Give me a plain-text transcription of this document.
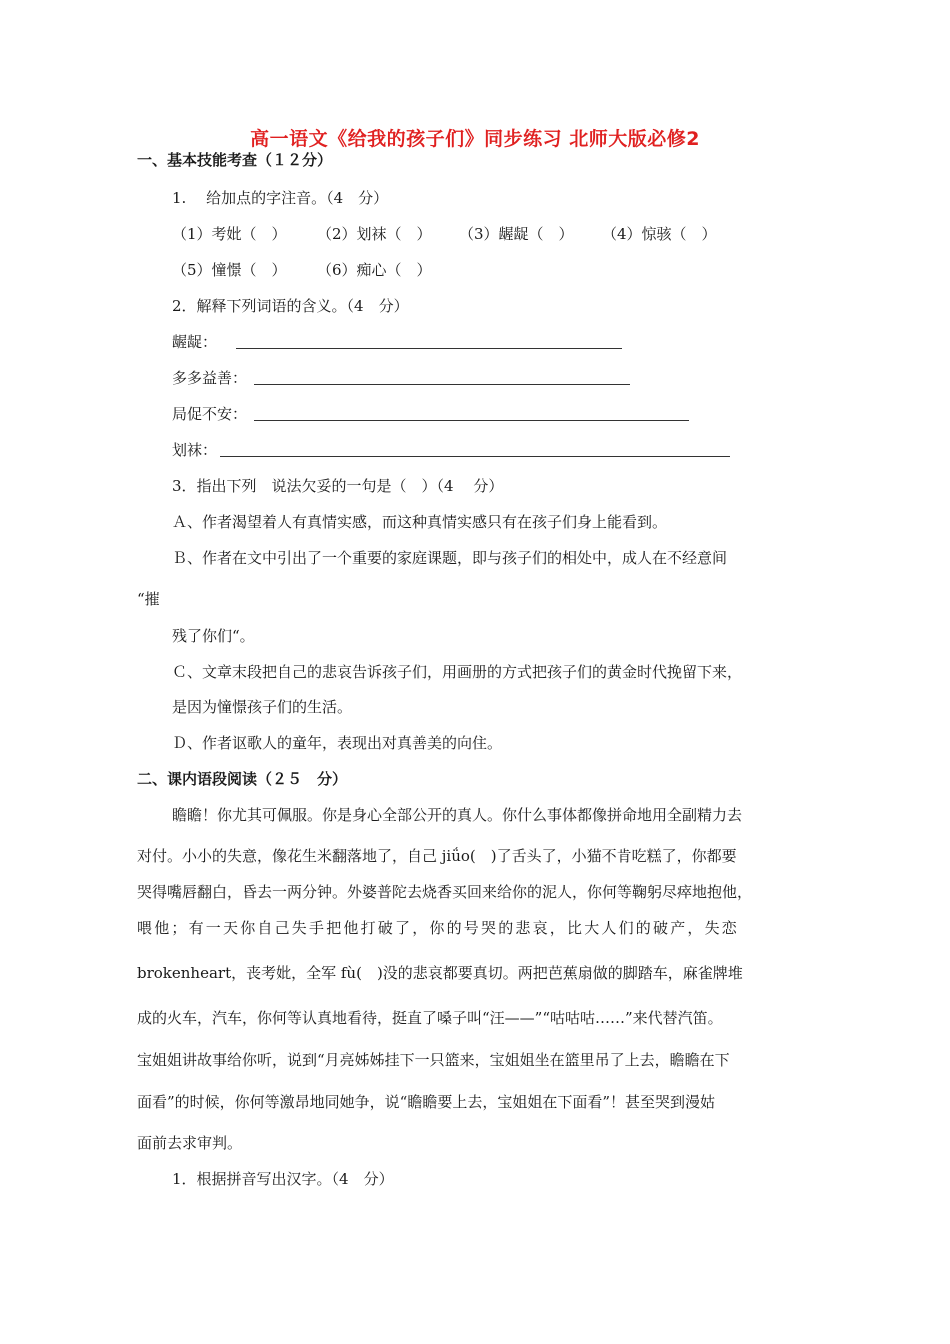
高一语文《给我的孩子们》同步练习 北师大版必修2
一、基本技能考查（１２分）
1.　 给加点的字注音。（4　分）
（1）考妣（　） （2）划袜（　） （3）龌龊（　） （4）惊骇（　）
（5）憧憬（　） （6）痴心（　）
2．解释下列词语的含义。（4　分）
龌龊：
多多益善：
局促不安：
划袜：
3．指出下列　说法欠妥的一句是（　）（4　 分）
Ａ、作者渴望着人有真情实感，而这种真情实感只有在孩子们身上能看到。
Ｂ、作者在文中引出了一个重要的家庭课题，即与孩子们的相处中，成人在不经意间
“摧
残了你们“。
Ｃ、文章末段把自己的悲哀告诉孩子们，用画册的方式把孩子们的黄金时代挽留下来，
是因为憧憬孩子们的生活。
Ｄ、作者讴歌人的童年，表现出对真善美的向住。
二、课内语段阅读（２５　分）
瞻瞻！你尤其可佩服。你是身心全部公开的真人。你什么事体都像拼命地用全副精力去
对付。小小的失意，像花生米翻落地了，自己 jiǘo(　)了舌头了，小猫不肯吃糕了，你都要
哭得嘴唇翻白，昏去一两分钟。外婆普陀去烧香买回来给你的泥人，你何等鞠躬尽瘁地抱他，
喂他；有一天你自己失手把他打破了，你的号哭的悲哀，比大人们的破产，失恋
brokenheart，丧考妣，全军 fù(　)没的悲哀都要真切。两把芭蕉扇做的脚踏车，麻雀牌堆
成的火车，汽车，你何等认真地看待，挺直了嗓子叫“汪——”“咕咕咕……”来代替汽笛。
宝姐姐讲故事给你听，说到“月亮姊姊挂下一只篮来，宝姐姐坐在篮里吊了上去，瞻瞻在下
面看”的时候，你何等激昂地同她争，说“瞻瞻要上去，宝姐姐在下面看”！甚至哭到漫姑
面前去求审判。
1．根据拼音写出汉字。（4　分）
